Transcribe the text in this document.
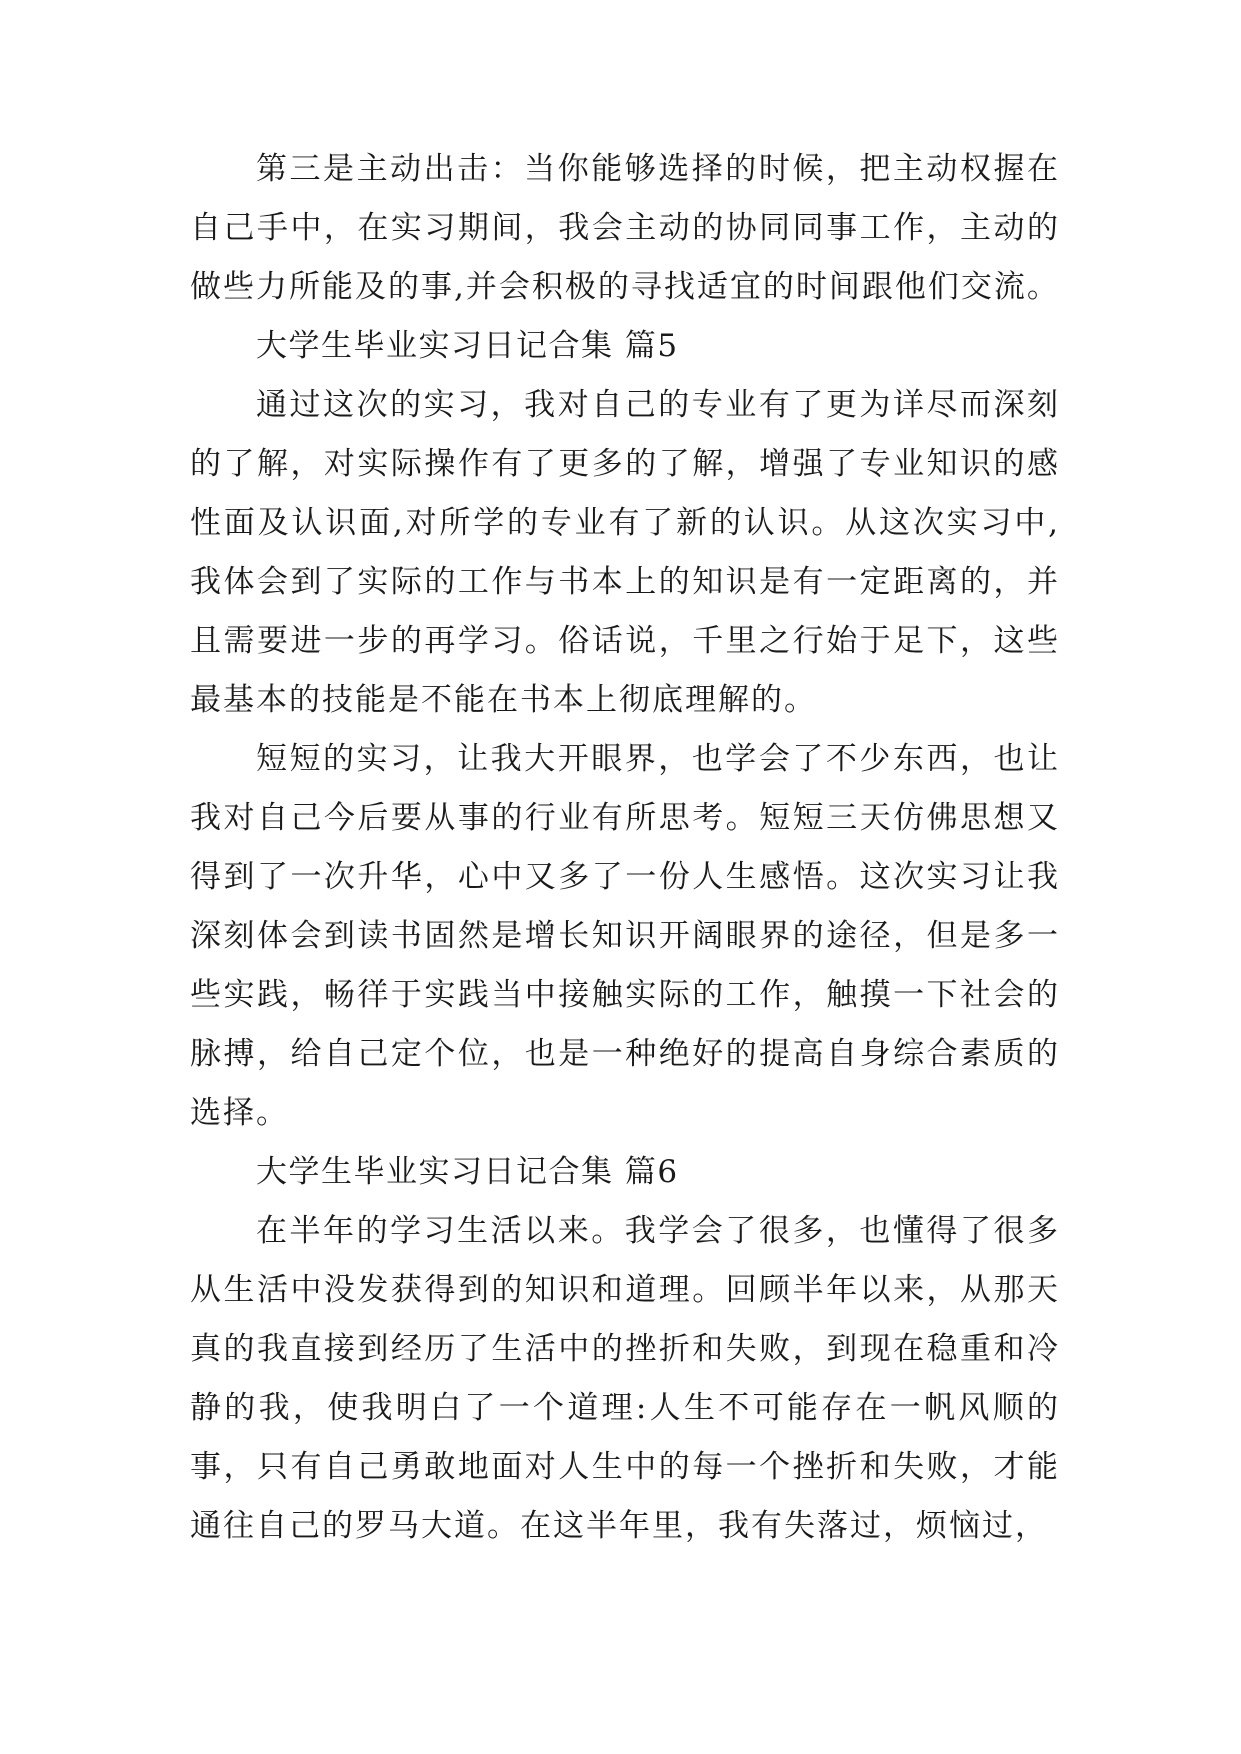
第三是主动出击：当你能够选择的时候，把主动权握在自己手中，在实习期间，我会主动的协同同事工作，主动的做些力所能及的事,并会积极的寻找适宜的时间跟他们交流。

大学生毕业实习日记合集 篇5

通过这次的实习，我对自己的专业有了更为详尽而深刻的了解，对实际操作有了更多的了解，增强了专业知识的感性面及认识面,对所学的专业有了新的认识。从这次实习中,我体会到了实际的工作与书本上的知识是有一定距离的，并且需要进一步的再学习。俗话说，千里之行始于足下，这些最基本的技能是不能在书本上彻底理解的。

短短的实习，让我大开眼界，也学会了不少东西，也让我对自己今后要从事的行业有所思考。短短三天仿佛思想又得到了一次升华，心中又多了一份人生感悟。这次实习让我深刻体会到读书固然是增长知识开阔眼界的途径，但是多一些实践，畅徉于实践当中接触实际的工作，触摸一下社会的脉搏，给自己定个位，也是一种绝好的提高自身综合素质的选择。

大学生毕业实习日记合集 篇6

在半年的学习生活以来。我学会了很多，也懂得了很多从生活中没发获得到的知识和道理。回顾半年以来，从那天真的我直接到经历了生活中的挫折和失败，到现在稳重和冷静的我，使我明白了一个道理:人生不可能存在一帆风顺的事，只有自己勇敢地面对人生中的每一个挫折和失败，才能通往自己的罗马大道。在这半年里，我有失落过，烦恼过，
